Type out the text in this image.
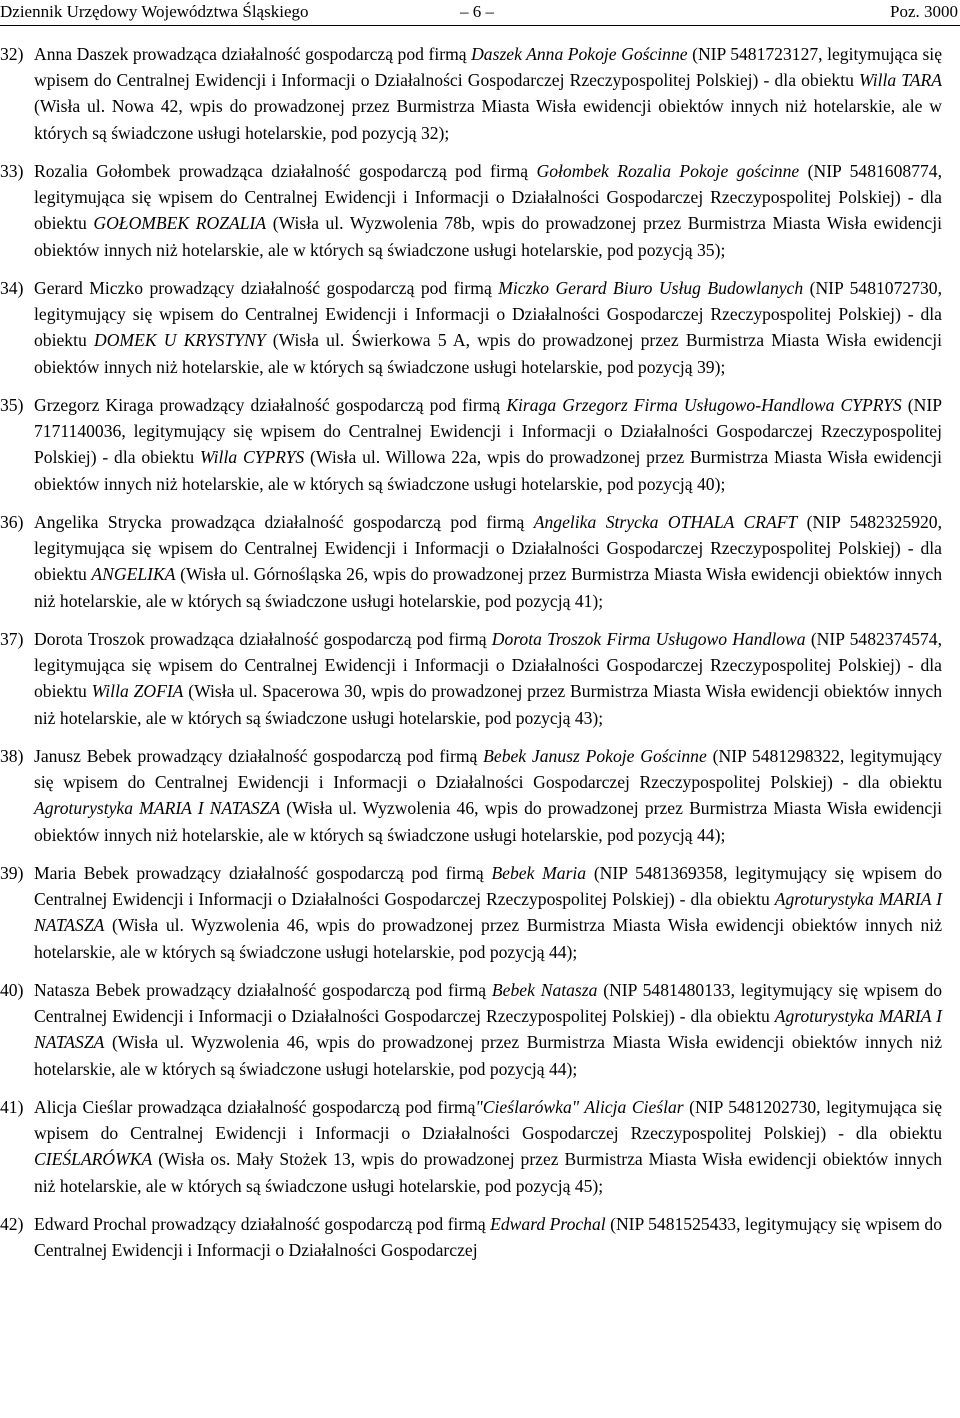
Dziennik Urzędowy Województwa Śląskiego	– 6 –	Poz. 3000
32) Anna Daszek prowadząca działalność gospodarczą pod firmą Daszek Anna Pokoje Gościnne (NIP 5481723127, legitymująca się wpisem do Centralnej Ewidencji i Informacji o Działalności Gospodarczej Rzeczypospolitej Polskiej) - dla obiektu Willa TARA (Wisła ul. Nowa 42, wpis do prowadzonej przez Burmistrza Miasta Wisła ewidencji obiektów innych niż hotelarskie, ale w których są świadczone usługi hotelarskie, pod pozycją 32);
33) Rozalia Gołombek prowadząca działalność gospodarczą pod firmą Gołombek Rozalia Pokoje gościnne (NIP 5481608774, legitymująca się wpisem do Centralnej Ewidencji i Informacji o Działalności Gospodarczej Rzeczypospolitej Polskiej) - dla obiektu GOŁOMBEK ROZALIA (Wisła ul. Wyzwolenia 78b, wpis do prowadzonej przez Burmistrza Miasta Wisła ewidencji obiektów innych niż hotelarskie, ale w których są świadczone usługi hotelarskie, pod pozycją 35);
34) Gerard Miczko prowadzący działalność gospodarczą pod firmą Miczko Gerard Biuro Usług Budowlanych (NIP 5481072730, legitymujący się wpisem do Centralnej Ewidencji i Informacji o Działalności Gospodarczej Rzeczypospolitej Polskiej) - dla obiektu DOMEK U KRYSTYNY (Wisła ul. Świerkowa 5 A, wpis do prowadzonej przez Burmistrza Miasta Wisła ewidencji obiektów innych niż hotelarskie, ale w których są świadczone usługi hotelarskie, pod pozycją 39);
35) Grzegorz Kiraga prowadzący działalność gospodarczą pod firmą Kiraga Grzegorz Firma Usługowo-Handlowa CYPRYS (NIP 7171140036, legitymujący się wpisem do Centralnej Ewidencji i Informacji o Działalności Gospodarczej Rzeczypospolitej Polskiej) - dla obiektu Willa CYPRYS (Wisła ul. Willowa 22a, wpis do prowadzonej przez Burmistrza Miasta Wisła ewidencji obiektów innych niż hotelarskie, ale w których są świadczone usługi hotelarskie, pod pozycją 40);
36) Angelika Strycka prowadząca działalność gospodarczą pod firmą Angelika Strycka OTHALA CRAFT (NIP 5482325920, legitymująca się wpisem do Centralnej Ewidencji i Informacji o Działalności Gospodarczej Rzeczypospolitej Polskiej) - dla obiektu ANGELIKA (Wisła ul. Górnośląska 26, wpis do prowadzonej przez Burmistrza Miasta Wisła ewidencji obiektów innych niż hotelarskie, ale w których są świadczone usługi hotelarskie, pod pozycją 41);
37) Dorota Troszok prowadząca działalność gospodarczą pod firmą Dorota Troszok Firma Usługowo Handlowa (NIP 5482374574, legitymująca się wpisem do Centralnej Ewidencji i Informacji o Działalności Gospodarczej Rzeczypospolitej Polskiej) - dla obiektu Willa ZOFIA (Wisła ul. Spacerowa 30, wpis do prowadzonej przez Burmistrza Miasta Wisła ewidencji obiektów innych niż hotelarskie, ale w których są świadczone usługi hotelarskie, pod pozycją 43);
38) Janusz Bebek prowadzący działalność gospodarczą pod firmą Bebek Janusz Pokoje Gościnne (NIP 5481298322, legitymujący się wpisem do Centralnej Ewidencji i Informacji o Działalności Gospodarczej Rzeczypospolitej Polskiej) - dla obiektu Agroturystyka MARIA I NATASZA (Wisła ul. Wyzwolenia 46, wpis do prowadzonej przez Burmistrza Miasta Wisła ewidencji obiektów innych niż hotelarskie, ale w których są świadczone usługi hotelarskie, pod pozycją 44);
39) Maria Bebek prowadzący działalność gospodarczą pod firmą Bebek Maria (NIP 5481369358, legitymujący się wpisem do Centralnej Ewidencji i Informacji o Działalności Gospodarczej Rzeczypospolitej Polskiej) - dla obiektu Agroturystyka MARIA I NATASZA (Wisła ul. Wyzwolenia 46, wpis do prowadzonej przez Burmistrza Miasta Wisła ewidencji obiektów innych niż hotelarskie, ale w których są świadczone usługi hotelarskie, pod pozycją 44);
40) Natasza Bebek prowadzący działalność gospodarczą pod firmą Bebek Natasza (NIP 5481480133, legitymujący się wpisem do Centralnej Ewidencji i Informacji o Działalności Gospodarczej Rzeczypospolitej Polskiej) - dla obiektu Agroturystyka MARIA I NATASZA (Wisła ul. Wyzwolenia 46, wpis do prowadzonej przez Burmistrza Miasta Wisła ewidencji obiektów innych niż hotelarskie, ale w których są świadczone usługi hotelarskie, pod pozycją 44);
41) Alicja Cieślar prowadząca działalność gospodarczą pod firmą"Cieślarówka" Alicja Cieślar (NIP 5481202730, legitymująca się wpisem do Centralnej Ewidencji i Informacji o Działalności Gospodarczej Rzeczypospolitej Polskiej) - dla obiektu CIEŚLARÓWKA (Wisła os. Mały Stożek 13, wpis do prowadzonej przez Burmistrza Miasta Wisła ewidencji obiektów innych niż hotelarskie, ale w których są świadczone usługi hotelarskie, pod pozycją 45);
42) Edward Prochal prowadzący działalność gospodarczą pod firmą Edward Prochal (NIP 5481525433, legitymujący się wpisem do Centralnej Ewidencji i Informacji o Działalności Gospodarczej
